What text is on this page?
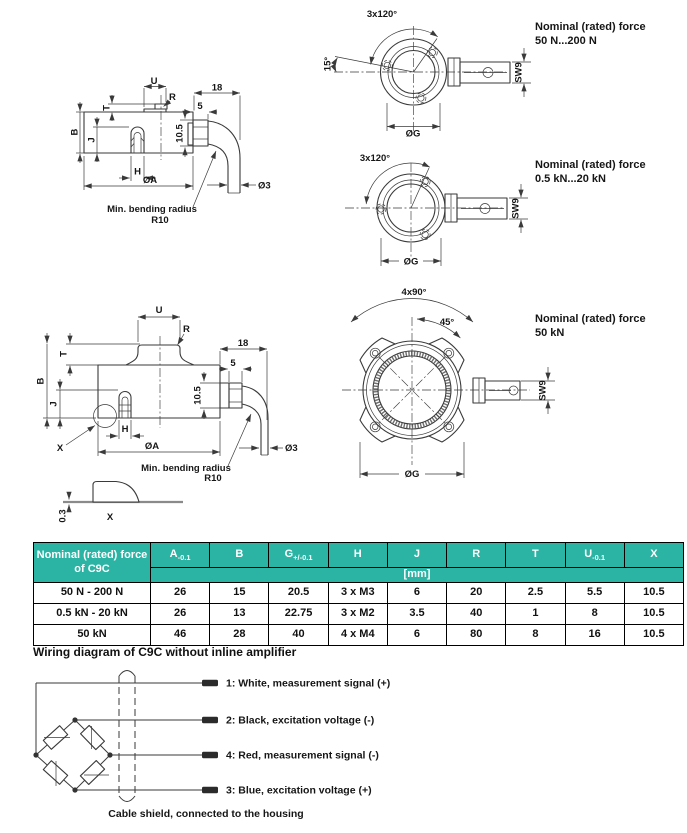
U
R
18
5
10.5
T
B
J
H
ØA	Ø3
Min. bending radius
R10
15°
3x120°
ØG
SW9
Nominal (rated) force
50 N...200 N
3x120°
ØG
SW9
Nominal (rated) force
0.5 kN...20 kN
4x90°
45°
ØG
SW9
Nominal (rated) force
50 kN
X
U
R
T
B
J
H
ØA
18
5
10.5
Ø3
Min. bending radius
R10
0.3	X
Nominal (rated) force
of C9C	$A_{-0.1}$	B	$G_{+/-0.1}$	H	J	R	T	$U_{-0.1}$	X
	[mm]								
50 N - 200 N	26	15	20.5	3 x M3	6	20	2.5	5.5	10.5
0.5 kN - 20 kN	26	13	22.75	3 x M2	3.5	40	1	8	10.5
50 kN	46	28	40	4 x M4	6	80	8	16	10.5
Wiring diagram of C9C without inline amplifier
1: White, measurement signal (+)
2: Black, excitation voltage (-)
4: Red, measurement signal (-)
3: Blue, excitation voltage (+)
Cable shield, connected to the housing
